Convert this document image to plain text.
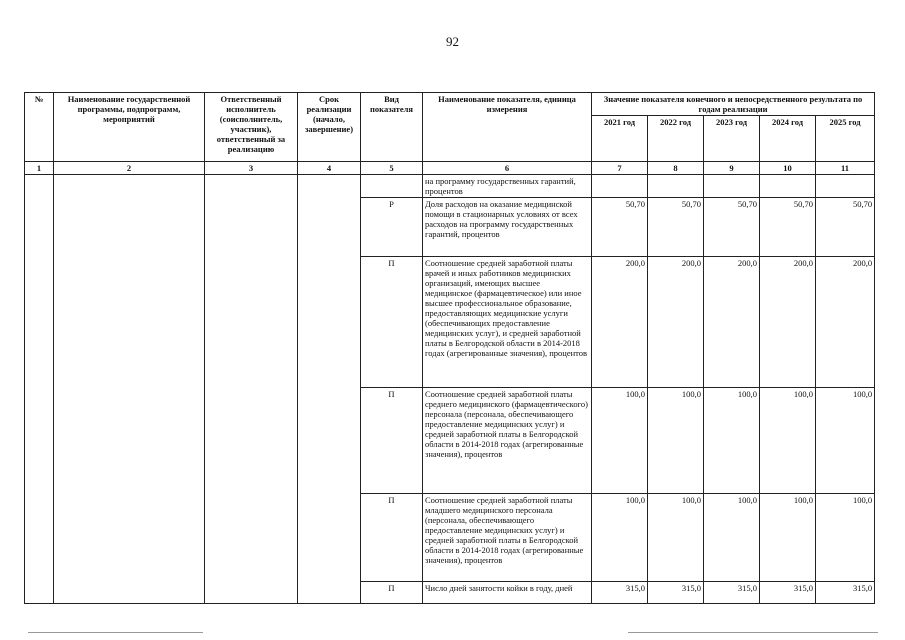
92
№	Наименование государственной программы, подпрограмм, мероприятий	Ответственный исполнитель (соисполнитель, участник), ответственный за реализацию	Срок реализации (начало, завершение)	Вид показателя	Наименование показателя, единица измерения	Значение показателя конечного и непосредственного результата по годам реализации				
						2021 год	2022 год	2023 год	2024 год	2025 год
1	2	3	4	5	6	7	8	9	10	11
					на программу государственных гарантий, процентов					
				Р	Доля расходов на оказание медицинской помощи в стационарных условиях от всех расходов на программу государственных гарантий, процентов	50,70	50,70	50,70	50,70	50,70
				П	Соотношение средней заработной платы врачей и иных работников медицинских организаций, имеющих высшее медицинское (фармацевтическое) или иное высшее профессиональное образование, предоставляющих медицинские услуги (обеспечивающих предоставление медицинских услуг), и средней заработной платы в Белгородской области в 2014-2018 годах (агрегированные значения), процентов	200,0	200,0	200,0	200,0	200,0
				П	Соотношение средней заработной платы среднего медицинского (фармацевтического) персонала (персонала, обеспечивающего предоставление медицинских услуг) и средней заработной платы в Белгородской области в 2014-2018 годах (агрегированные значения), процентов	100,0	100,0	100,0	100,0	100,0
				П	Соотношение средней заработной платы младшего медицинского персонала (персонала, обеспечивающего предоставление медицинских услуг) и средней заработной платы в Белгородской области в 2014-2018 годах (агрегированные значения), процентов	100,0	100,0	100,0	100,0	100,0
				П	Число дней занятости койки в году, дней	315,0	315,0	315,0	315,0	315,0
